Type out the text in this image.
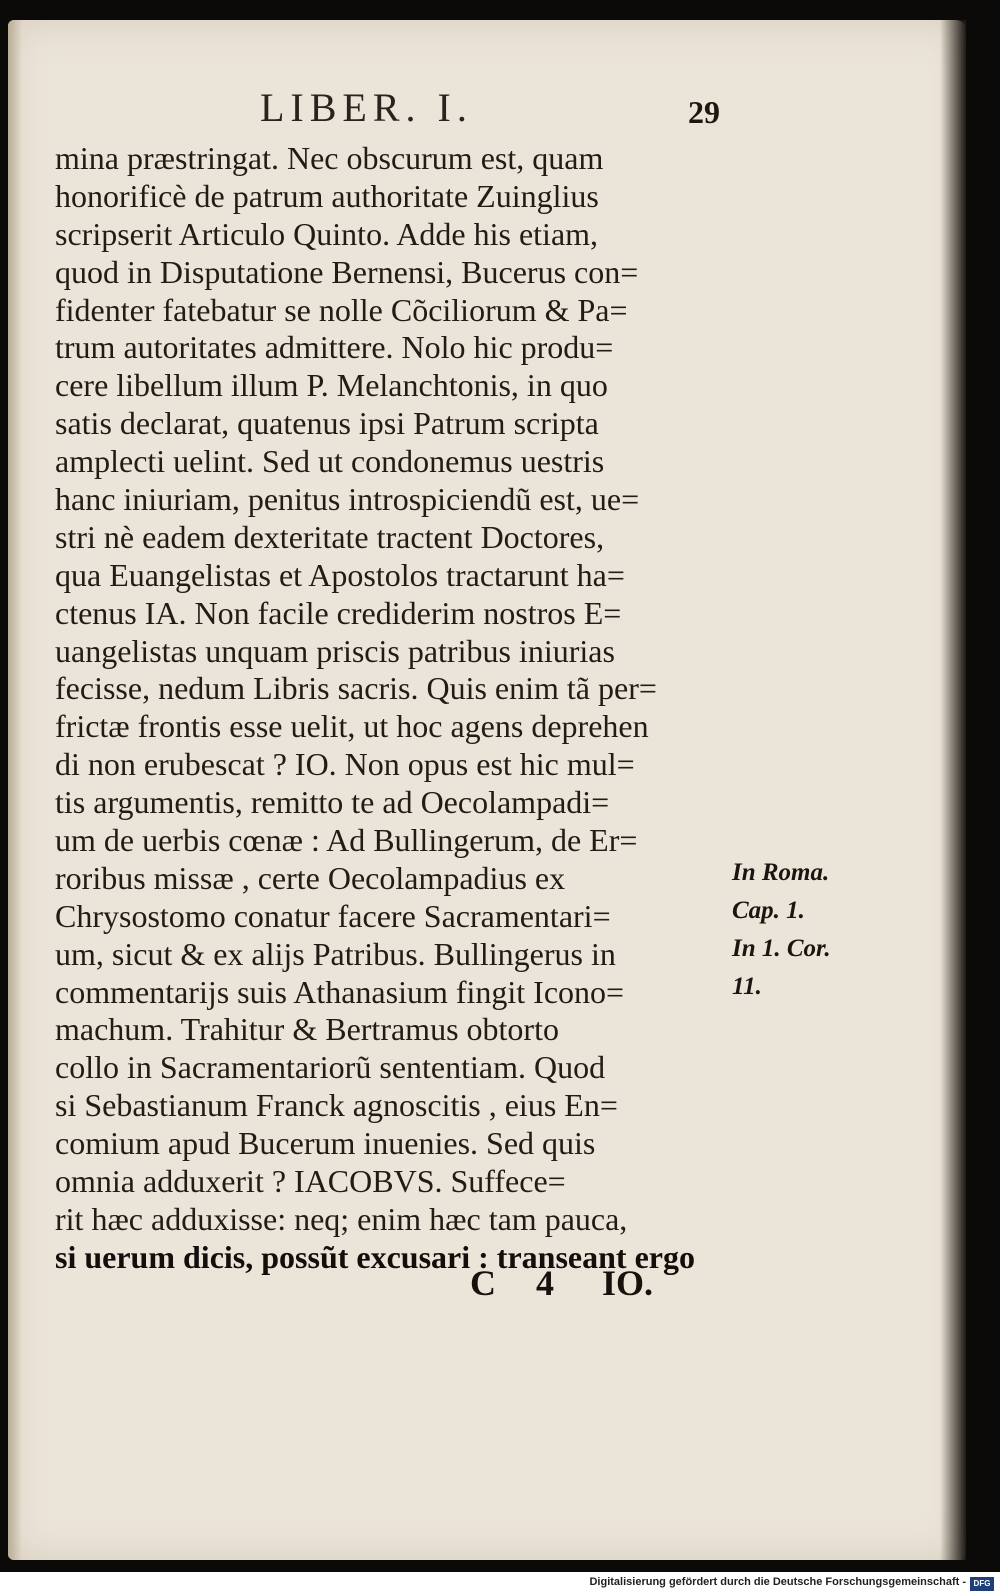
LIBER. I.	29
mina præstringat. Nec obscurum est, quam
honorificè de patrum authoritate Zuinglius
scripserit Articulo Quinto. Adde his etiam,
quod in Disputatione Bernensi, Bucerus con=
fidenter fatebatur se nolle Cõciliorum & Pa=
trum autoritates admittere. Nolo hic produ=
cere libellum illum P. Melanchtonis, in quo
satis declarat, quatenus ipsi Patrum scripta
amplecti uelint. Sed ut condonemus uestris
hanc iniuriam, penitus introspiciendũ est, ue=
stri nè eadem dexteritate tractent Doctores,
qua Euangelistas et Apostolos tractarunt ha=
ctenus IA. Non facile crediderim nostros E=
uangelistas unquam priscis patribus iniurias
fecisse, nedum Libris sacris. Quis enim tã per=
frictæ frontis esse uelit, ut hoc agens deprehen
di non erubescat ? IO. Non opus est hic mul=
tis argumentis, remitto te ad Oecolampadi=
um de uerbis cœnæ : Ad Bullingerum, de Er=
roribus missæ , certe Oecolampadius ex
Chrysostomo conatur facere Sacramentari=
um, sicut & ex alijs Patribus. Bullingerus in
commentarijs suis Athanasium fingit Icono=
machum. Trahitur & Bertramus obtorto
collo in Sacramentariorũ sententiam. Quod
si Sebastianum Franck agnoscitis , eius En=
comium apud Bucerum inuenies. Sed quis
omnia adduxerit ? IACOBVS. Suffece=
rit hæc adduxisse: neq; enim hæc tam pauca,
si uerum dicis, possũt excusari : transeant ergo
In Roma.
Cap. 1.
In 1. Cor.
11.
C 4 IO.
Digitalisierung gefördert durch die Deutsche Forschungsgemeinschaft - DFG
